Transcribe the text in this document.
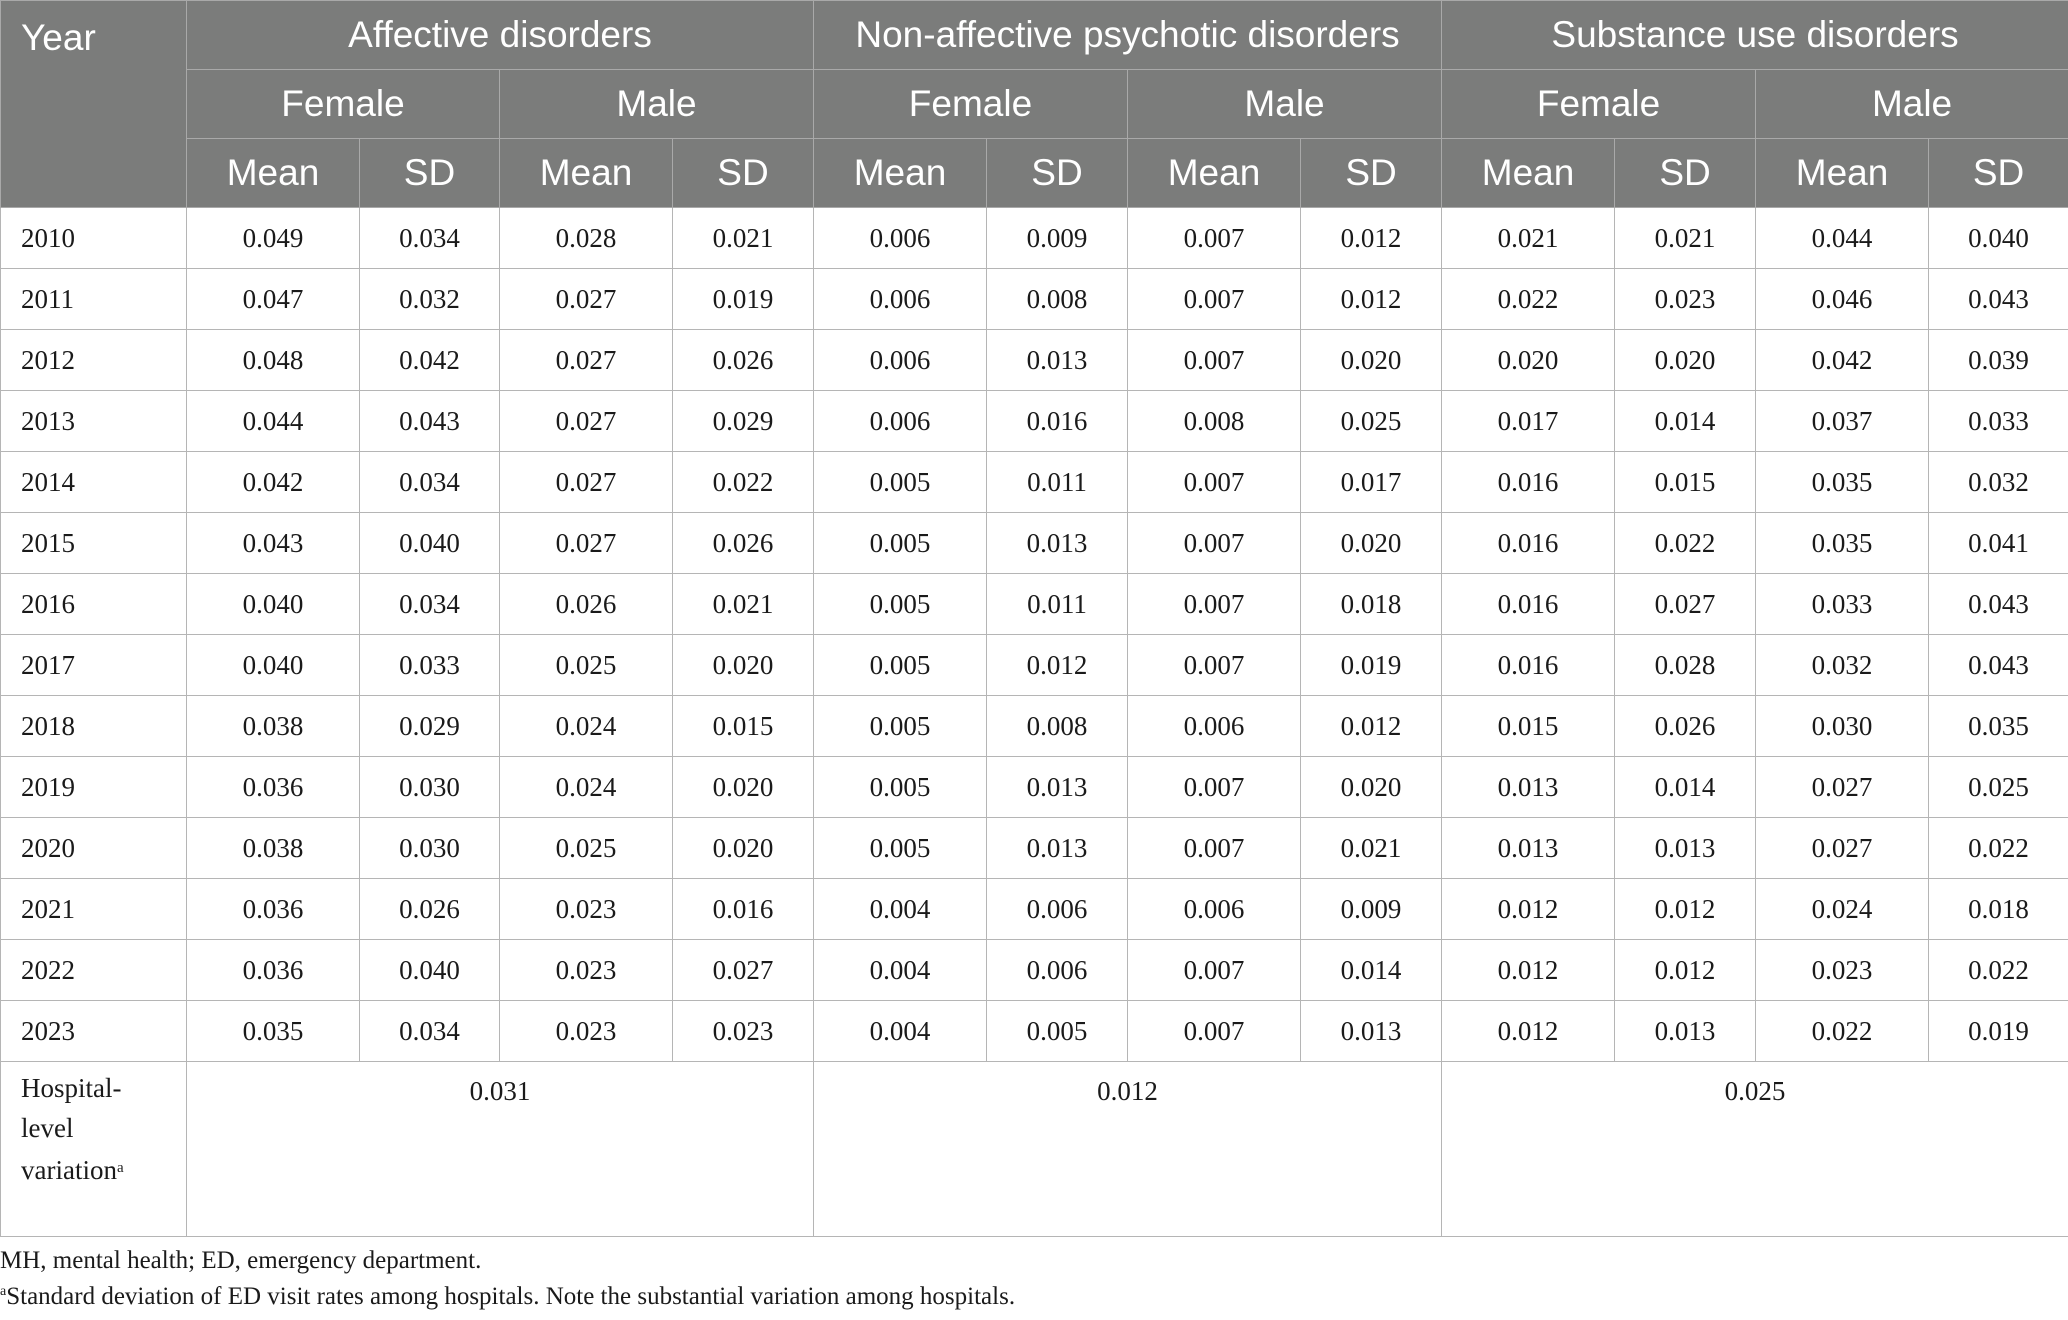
Year	Affective disorders				Non-affective psychotic disorders				Substance use disorders			
	Female		Male		Female		Male		Female		Male	
	Mean	SD	Mean	SD	Mean	SD	Mean	SD	Mean	SD	Mean	SD
2010	0.049	0.034	0.028	0.021	0.006	0.009	0.007	0.012	0.021	0.021	0.044	0.040
2011	0.047	0.032	0.027	0.019	0.006	0.008	0.007	0.012	0.022	0.023	0.046	0.043
2012	0.048	0.042	0.027	0.026	0.006	0.013	0.007	0.020	0.020	0.020	0.042	0.039
2013	0.044	0.043	0.027	0.029	0.006	0.016	0.008	0.025	0.017	0.014	0.037	0.033
2014	0.042	0.034	0.027	0.022	0.005	0.011	0.007	0.017	0.016	0.015	0.035	0.032
2015	0.043	0.040	0.027	0.026	0.005	0.013	0.007	0.020	0.016	0.022	0.035	0.041
2016	0.040	0.034	0.026	0.021	0.005	0.011	0.007	0.018	0.016	0.027	0.033	0.043
2017	0.040	0.033	0.025	0.020	0.005	0.012	0.007	0.019	0.016	0.028	0.032	0.043
2018	0.038	0.029	0.024	0.015	0.005	0.008	0.006	0.012	0.015	0.026	0.030	0.035
2019	0.036	0.030	0.024	0.020	0.005	0.013	0.007	0.020	0.013	0.014	0.027	0.025
2020	0.038	0.030	0.025	0.020	0.005	0.013	0.007	0.021	0.013	0.013	0.027	0.022
2021	0.036	0.026	0.023	0.016	0.004	0.006	0.006	0.009	0.012	0.012	0.024	0.018
2022	0.036	0.040	0.023	0.027	0.004	0.006	0.007	0.014	0.012	0.012	0.023	0.022
2023	0.035	0.034	0.023	0.023	0.004	0.005	0.007	0.013	0.012	0.013	0.022	0.019
Hospital-
level
variation$^a$	0.031				0.012				0.025			
MH, mental health; ED, emergency department.
$^a$Standard deviation of ED visit rates among hospitals. Note the substantial variation among hospitals.
